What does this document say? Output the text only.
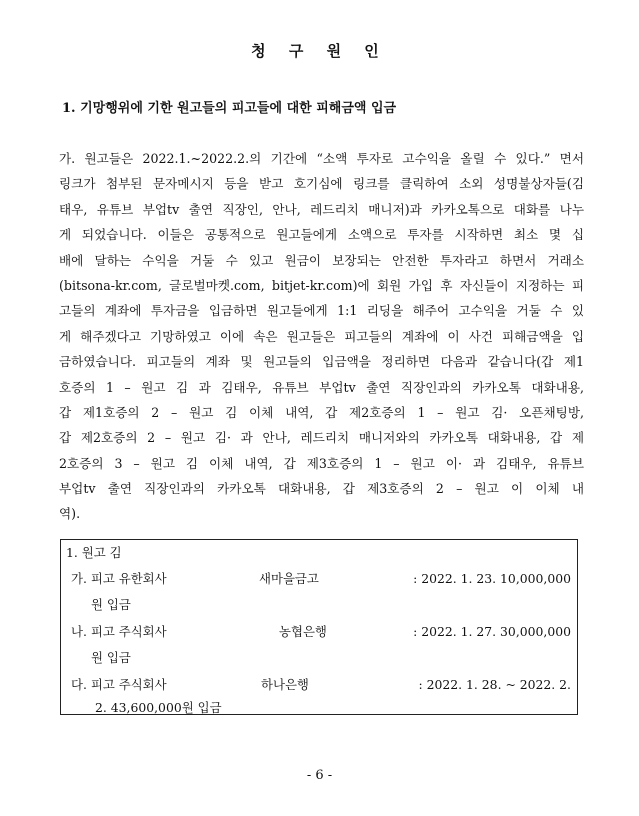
청 구 원 인
1. 기망행위에 기한 원고들의 피고들에 대한 피해금액 입금
가. 원고들은 2022.1.~2022.2.의 기간에 “소액 투자로 고수익을 올릴 수 있다.” 면서
링크가 첨부된 문자메시지 등을 받고 호기심에 링크를 클릭하여 소외 성명불상자들(김
태우, 유튜브 부업tv 출연 직장인, 안나, 레드리치 매니저)과 카카오톡으로 대화를 나누
게 되었습니다. 이들은 공통적으로 원고들에게 소액으로 투자를 시작하면 최소 몇 십
배에 달하는 수익을 거둘 수 있고 원금이 보장되는 안전한 투자라고 하면서 거래소
(bitsona-kr.com, 글로벌마켓.com, bitjet-kr.com)에 회원 가입 후 자신들이 지정하는 피
고들의 계좌에 투자금을 입금하면 원고들에게 1:1 리딩을 해주어 고수익을 거둘 수 있
게 해주겠다고 기망하였고 이에 속은 원고들은 피고들의 계좌에 이 사건 피해금액을 입
금하였습니다. 피고들의 계좌 및 원고들의 입금액을 정리하면 다음과 같습니다(갑 제1
호증의 1 – 원고 김 과 김태우, 유튜브 부업tv 출연 직장인과의 카카오톡 대화내용,
갑 제1호증의 2 – 원고 김 이체 내역, 갑 제2호증의 1 – 원고 김· 오픈채팅방,
갑 제2호증의 2 – 원고 김· 과 안나, 레드리치 매니저와의 카카오톡 대화내용, 갑 제
2호증의 3 – 원고 김 이체 내역, 갑 제3호증의 1 – 원고 이· 과 김태우, 유튜브
부업tv 출연 직장인과의 카카오톡 대화내용, 갑 제3호증의 2 – 원고 이 이체 내
역).
1. 원고 김
가. 피고 유한회사	새마을금고	: 2022. 1. 23. 10,000,000
원 입금
나. 피고 주식회사	농협은행	: 2022. 1. 27. 30,000,000
원 입금
다. 피고 주식회사	하나은행	: 2022. 1. 28. ~ 2022. 2.
2. 43,600,000원 입금
- 6 -
